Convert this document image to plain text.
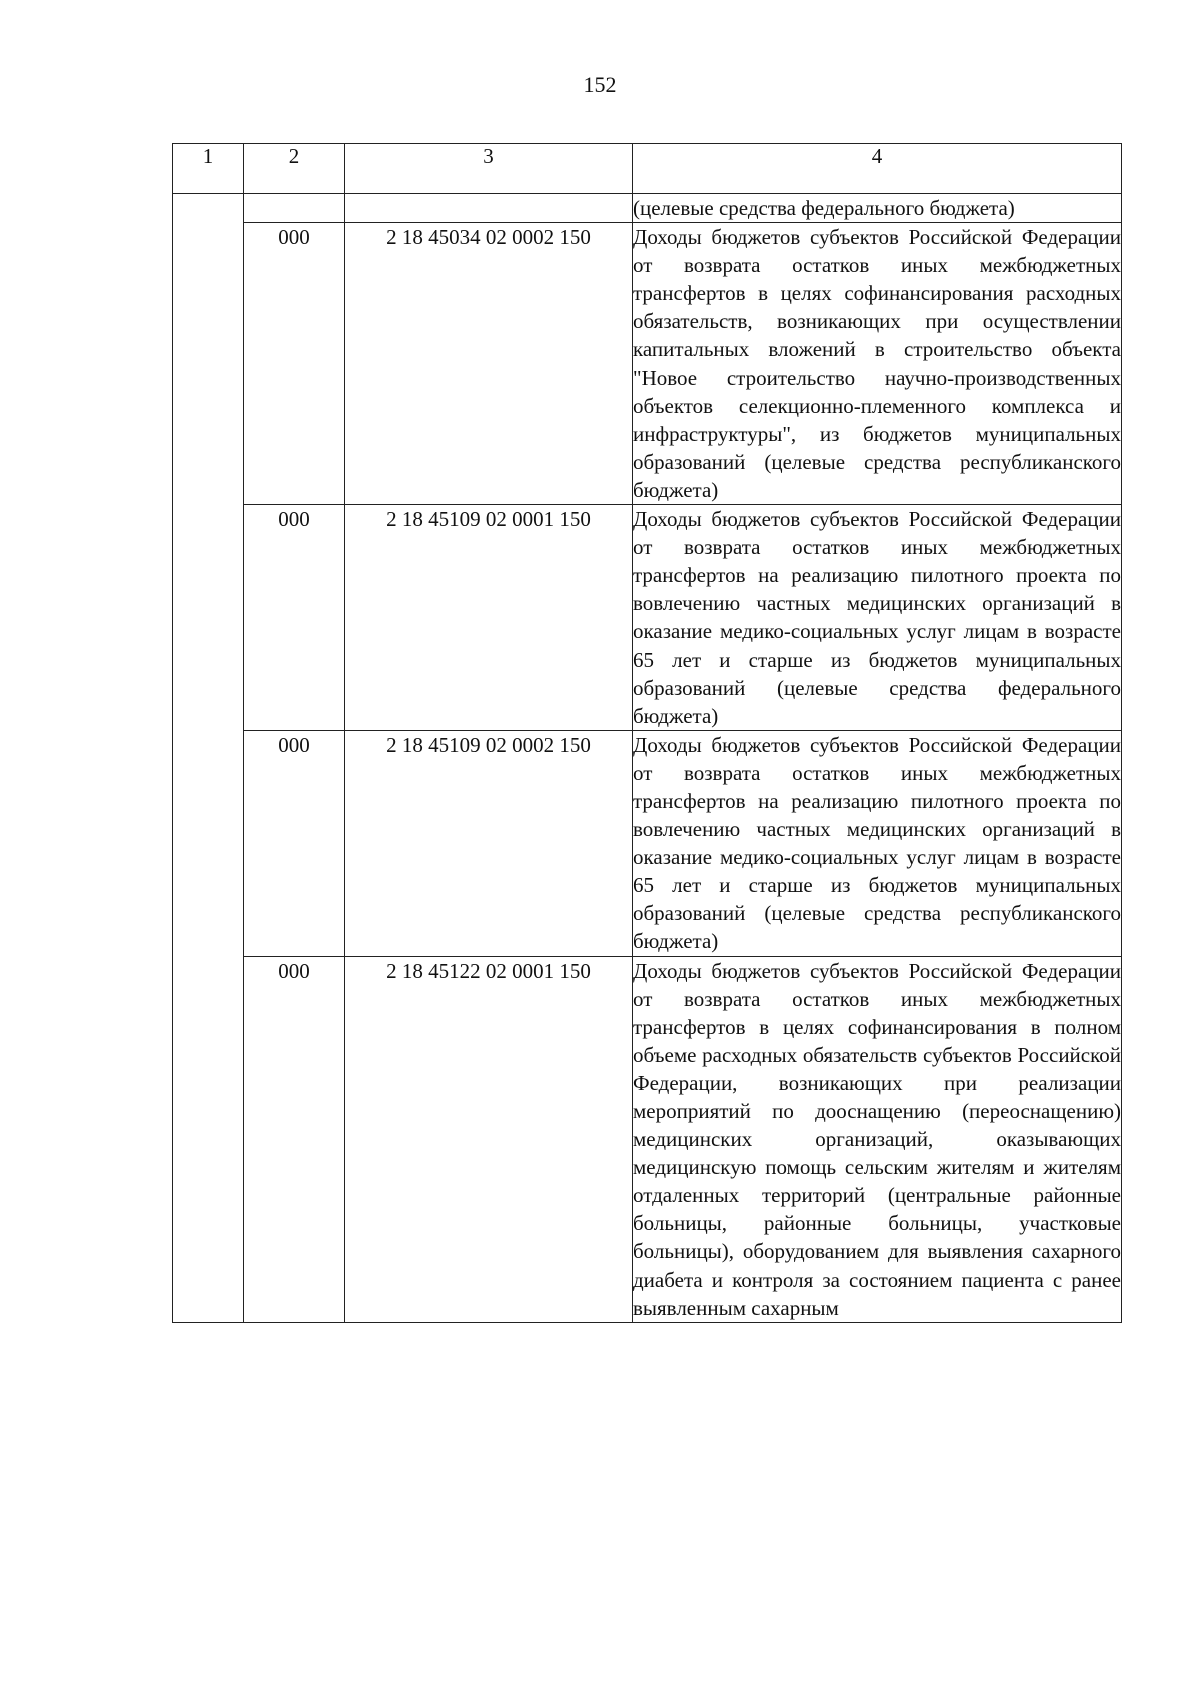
152
1	2	3	4
			(целевые средства федерального бюджета)
	000	2 18 45034 02 0002 150	Доходы бюджетов субъектов Российской Федерации от возврата остатков иных межбюджетных трансфертов в целях софинансирования расходных обязательств, возникающих при осуществлении капитальных вложений в строительство объекта "Новое строительство научно-производственных объектов селекционно-племенного комплекса и инфраструктуры", из бюджетов муниципальных образований (целевые средства республиканского бюджета)
	000	2 18 45109 02 0001 150	Доходы бюджетов субъектов Российской Федерации от возврата остатков иных межбюджетных трансфертов на реализацию пилотного проекта по вовлечению частных медицинских организаций в оказание медико-социальных услуг лицам в возрасте 65 лет и старше из бюджетов муниципальных образований (целевые средства федерального бюджета)
	000	2 18 45109 02 0002 150	Доходы бюджетов субъектов Российской Федерации от возврата остатков иных межбюджетных трансфертов на реализацию пилотного проекта по вовлечению частных медицинских организаций в оказание медико-социальных услуг лицам в возрасте 65 лет и старше из бюджетов муниципальных образований (целевые средства республиканского бюджета)
	000	2 18 45122 02 0001 150	Доходы бюджетов субъектов Российской Федерации от возврата остатков иных межбюджетных трансфертов в целях софинансирования в полном объеме расходных обязательств субъектов Российской Федерации, возникающих при реализации мероприятий по дооснащению (переоснащению) медицинских организаций, оказывающих медицинскую помощь сельским жителям и жителям отдаленных территорий (центральные районные больницы, районные больницы, участковые больницы), оборудованием для выявления сахарного диабета и контроля за состоянием пациента с ранее выявленным сахарным
